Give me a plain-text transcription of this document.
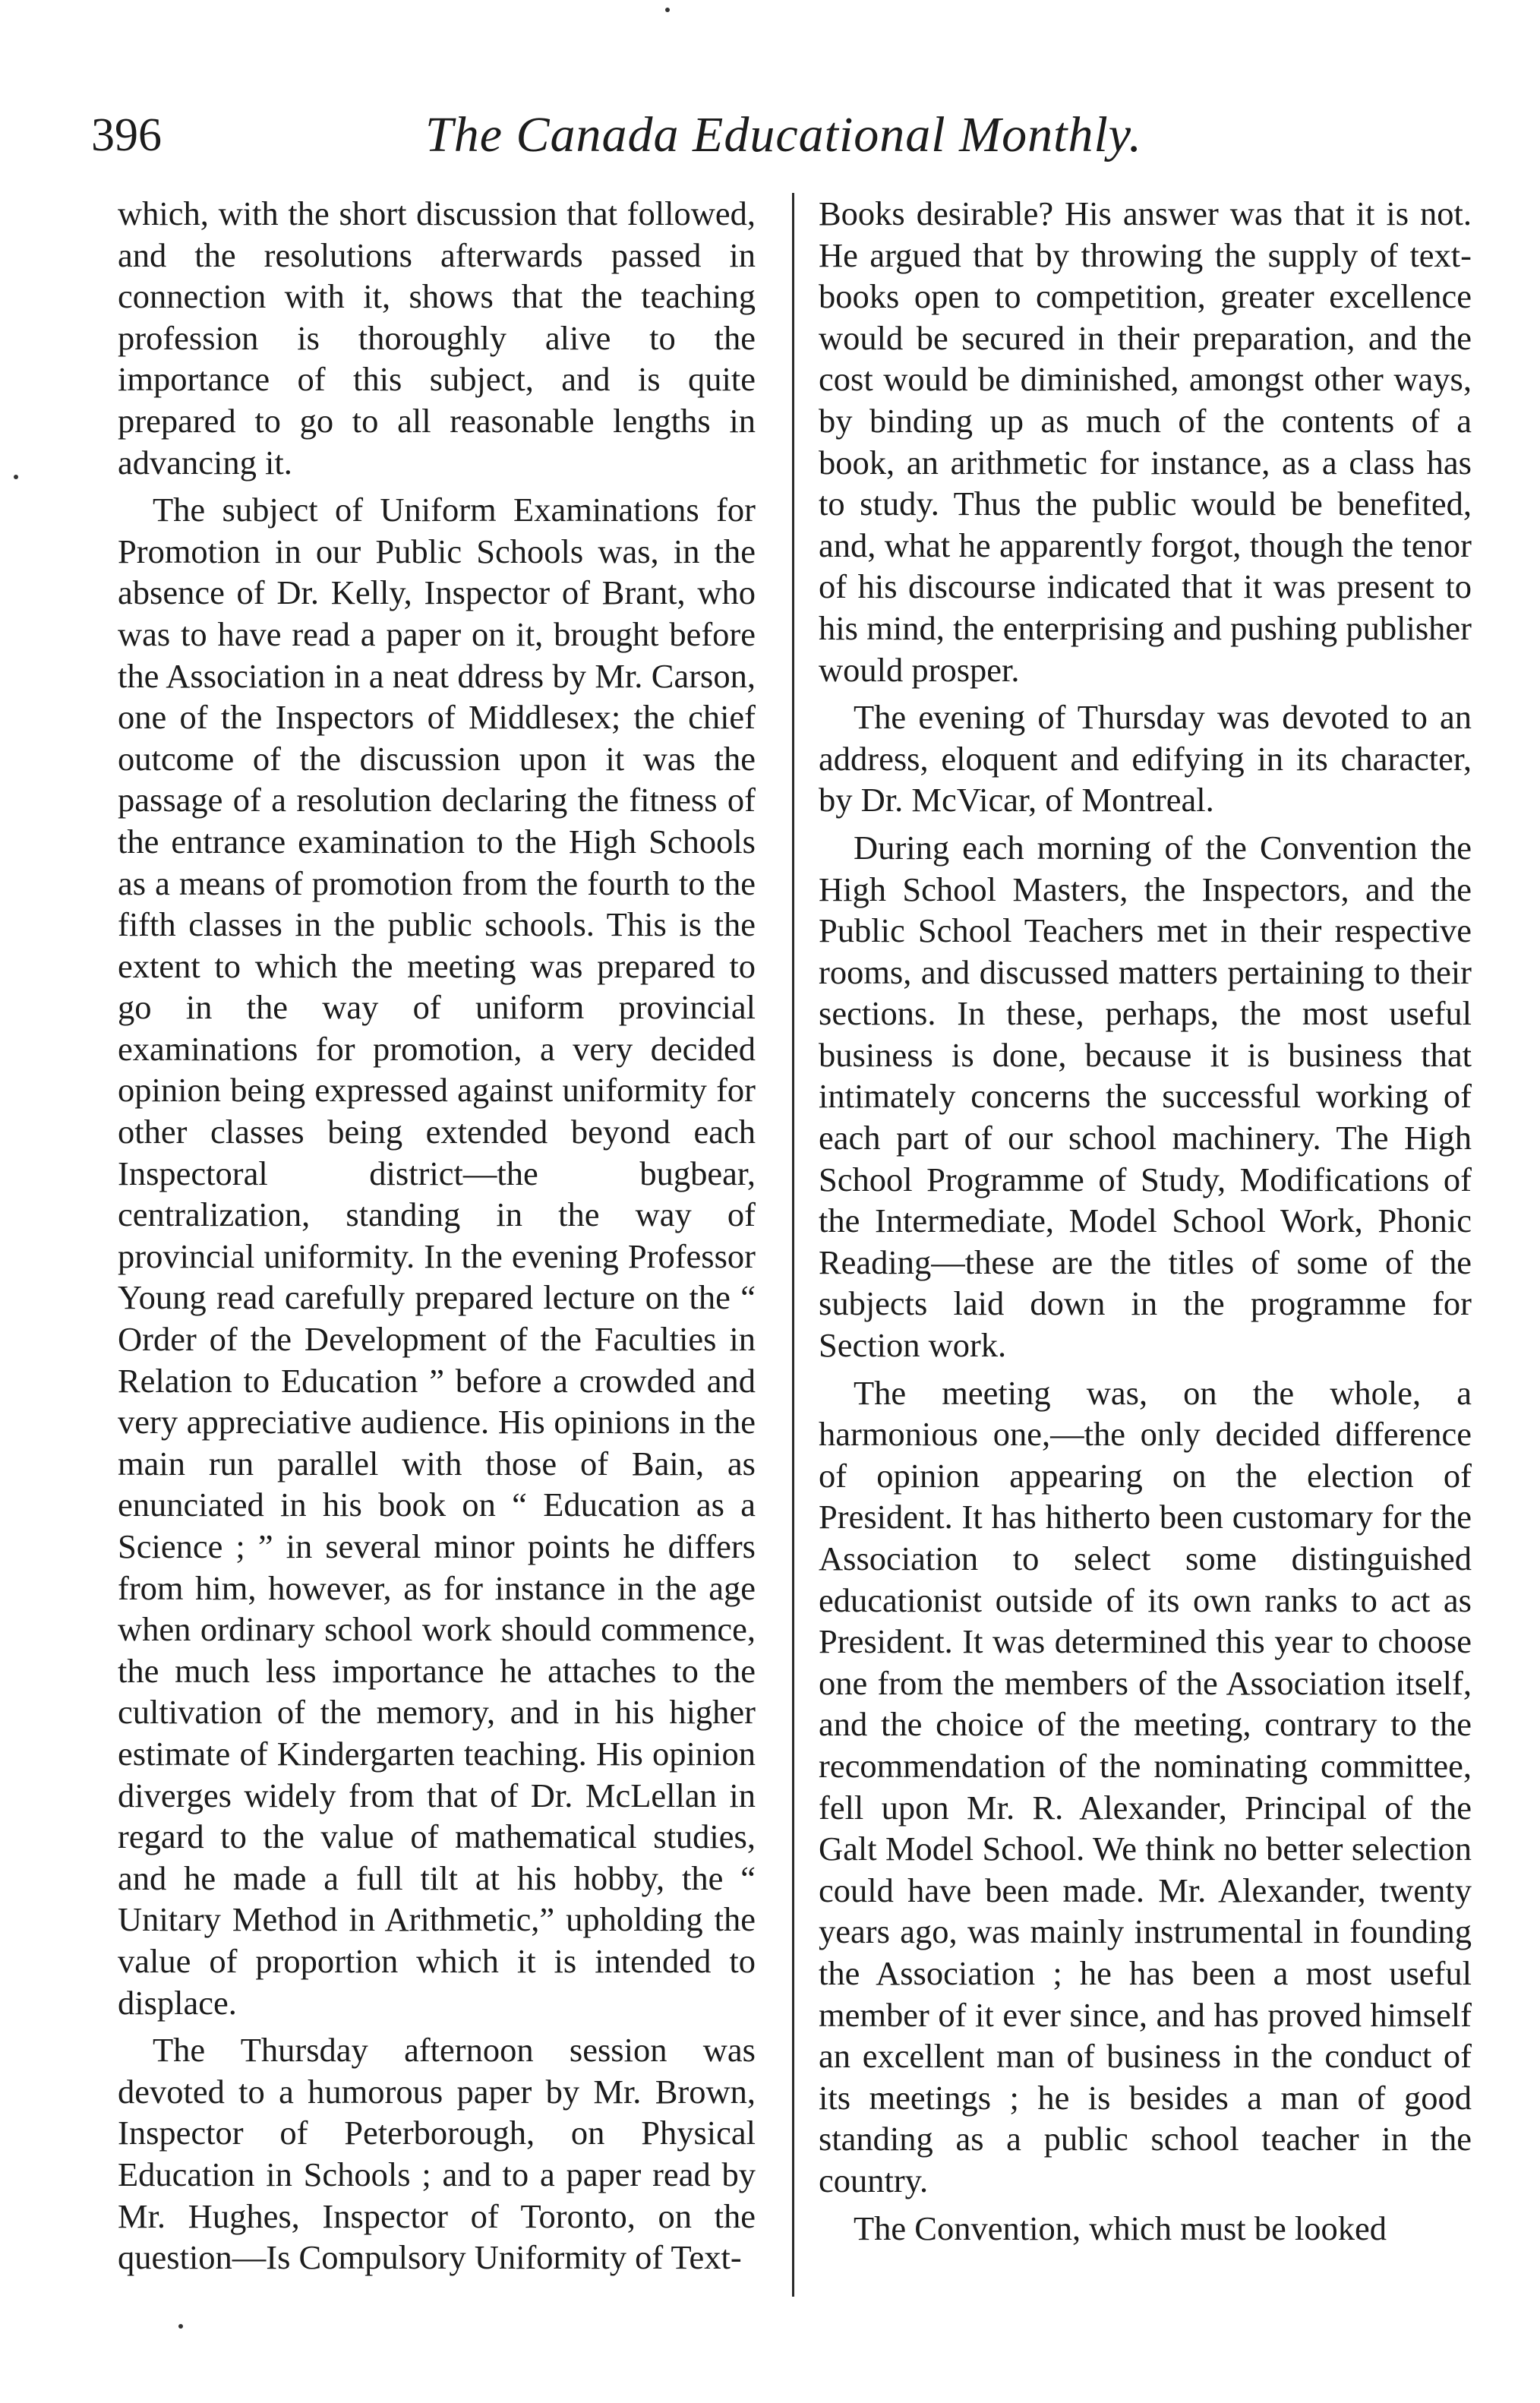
396	The Canada Educational Monthly.

which, with the short discussion that followed, and the resolutions afterwards passed in connection with it, shows that the teaching profession is thoroughly alive to the importance of this subject, and is quite prepared to go to all reasonable lengths in advancing it.

The subject of Uniform Examinations for Promotion in our Public Schools was, in the absence of Dr. Kelly, Inspector of Brant, who was to have read a paper on it, brought before the Association in a neat ddress by Mr. Carson, one of the Inspectors of Middlesex; the chief outcome of the discussion upon it was the passage of a resolution declaring the fitness of the entrance examination to the High Schools as a means of promotion from the fourth to the fifth classes in the public schools. This is the extent to which the meeting was prepared to go in the way of uniform provincial examinations for promotion, a very decided opinion being expressed against uniformity for other classes being extended beyond each Inspectoral district—the bugbear, centralization, standing in the way of provincial uniformity. In the evening Professor Young read carefully prepared lecture on the “ Order of the Development of the Faculties in Relation to Education ” before a crowded and very appreciative audience. His opinions in the main run parallel with those of Bain, as enunciated in his book on “ Education as a Science ; ” in several minor points he differs from him, however, as for instance in the age when ordinary school work should commence, the much less importance he attaches to the cultivation of the memory, and in his higher estimate of Kindergarten teaching. His opinion diverges widely from that of Dr. McLellan in regard to the value of mathematical studies, and he made a full tilt at his hobby, the “ Unitary Method in Arithmetic,” upholding the value of proportion which it is intended to displace.

The Thursday afternoon session was devoted to a humorous paper by Mr. Brown, Inspector of Peterborough, on Physical Education in Schools ; and to a paper read by Mr. Hughes, Inspector of Toronto, on the question—Is Compulsory Uniformity of Text-

Books desirable? His answer was that it is not. He argued that by throwing the supply of text-books open to competition, greater excellence would be secured in their preparation, and the cost would be diminished, amongst other ways, by binding up as much of the contents of a book, an arithmetic for instance, as a class has to study. Thus the public would be benefited, and, what he apparently forgot, though the tenor of his discourse indicated that it was present to his mind, the enterprising and pushing publisher would prosper.

The evening of Thursday was devoted to an address, eloquent and edifying in its character, by Dr. McVicar, of Montreal.

During each morning of the Convention the High School Masters, the Inspectors, and the Public School Teachers met in their respective rooms, and discussed matters pertaining to their sections. In these, perhaps, the most useful business is done, because it is business that intimately concerns the successful working of each part of our school machinery. The High School Programme of Study, Modifications of the Intermediate, Model School Work, Phonic Reading—these are the titles of some of the subjects laid down in the programme for Section work.

The meeting was, on the whole, a harmonious one,—the only decided difference of opinion appearing on the election of President. It has hitherto been customary for the Association to select some distinguished educationist outside of its own ranks to act as President. It was determined this year to choose one from the members of the Association itself, and the choice of the meeting, contrary to the recommendation of the nominating committee, fell upon Mr. R. Alexander, Principal of the Galt Model School. We think no better selection could have been made. Mr. Alexander, twenty years ago, was mainly instrumental in founding the Association ; he has been a most useful member of it ever since, and has proved himself an excellent man of business in the conduct of its meetings ; he is besides a man of good standing as a public school teacher in the country.

The Convention, which must be looked
